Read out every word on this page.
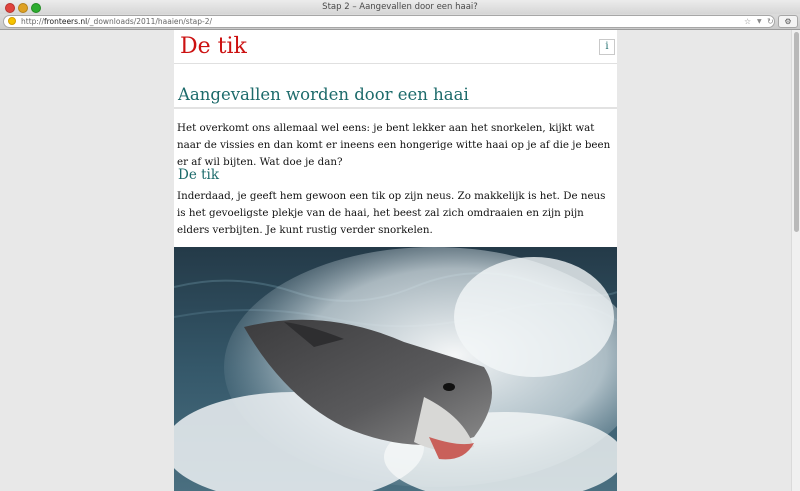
Stap 2 – Aangevallen door een haai?
http://fronteers.nl/_downloads/2011/haaien/stap-2/	☆ ▼ ↻	⚙
De tik	i
Aangevallen worden door een haai

Het overkomt ons allemaal wel eens: je bent lekker aan het snorkelen, kijkt wat naar de vissies en dan komt er ineens een hongerige witte haai op je af die je been er af wil bijten. Wat doe je dan?

De tik

Inderdaad, je geeft hem gewoon een tik op zijn neus. Zo makkelijk is het. De neus is het gevoeligste plekje van de haai, het beest zal zich omdraaien en zijn pijn elders verbijten. Je kunt rustig verder snorkelen.
